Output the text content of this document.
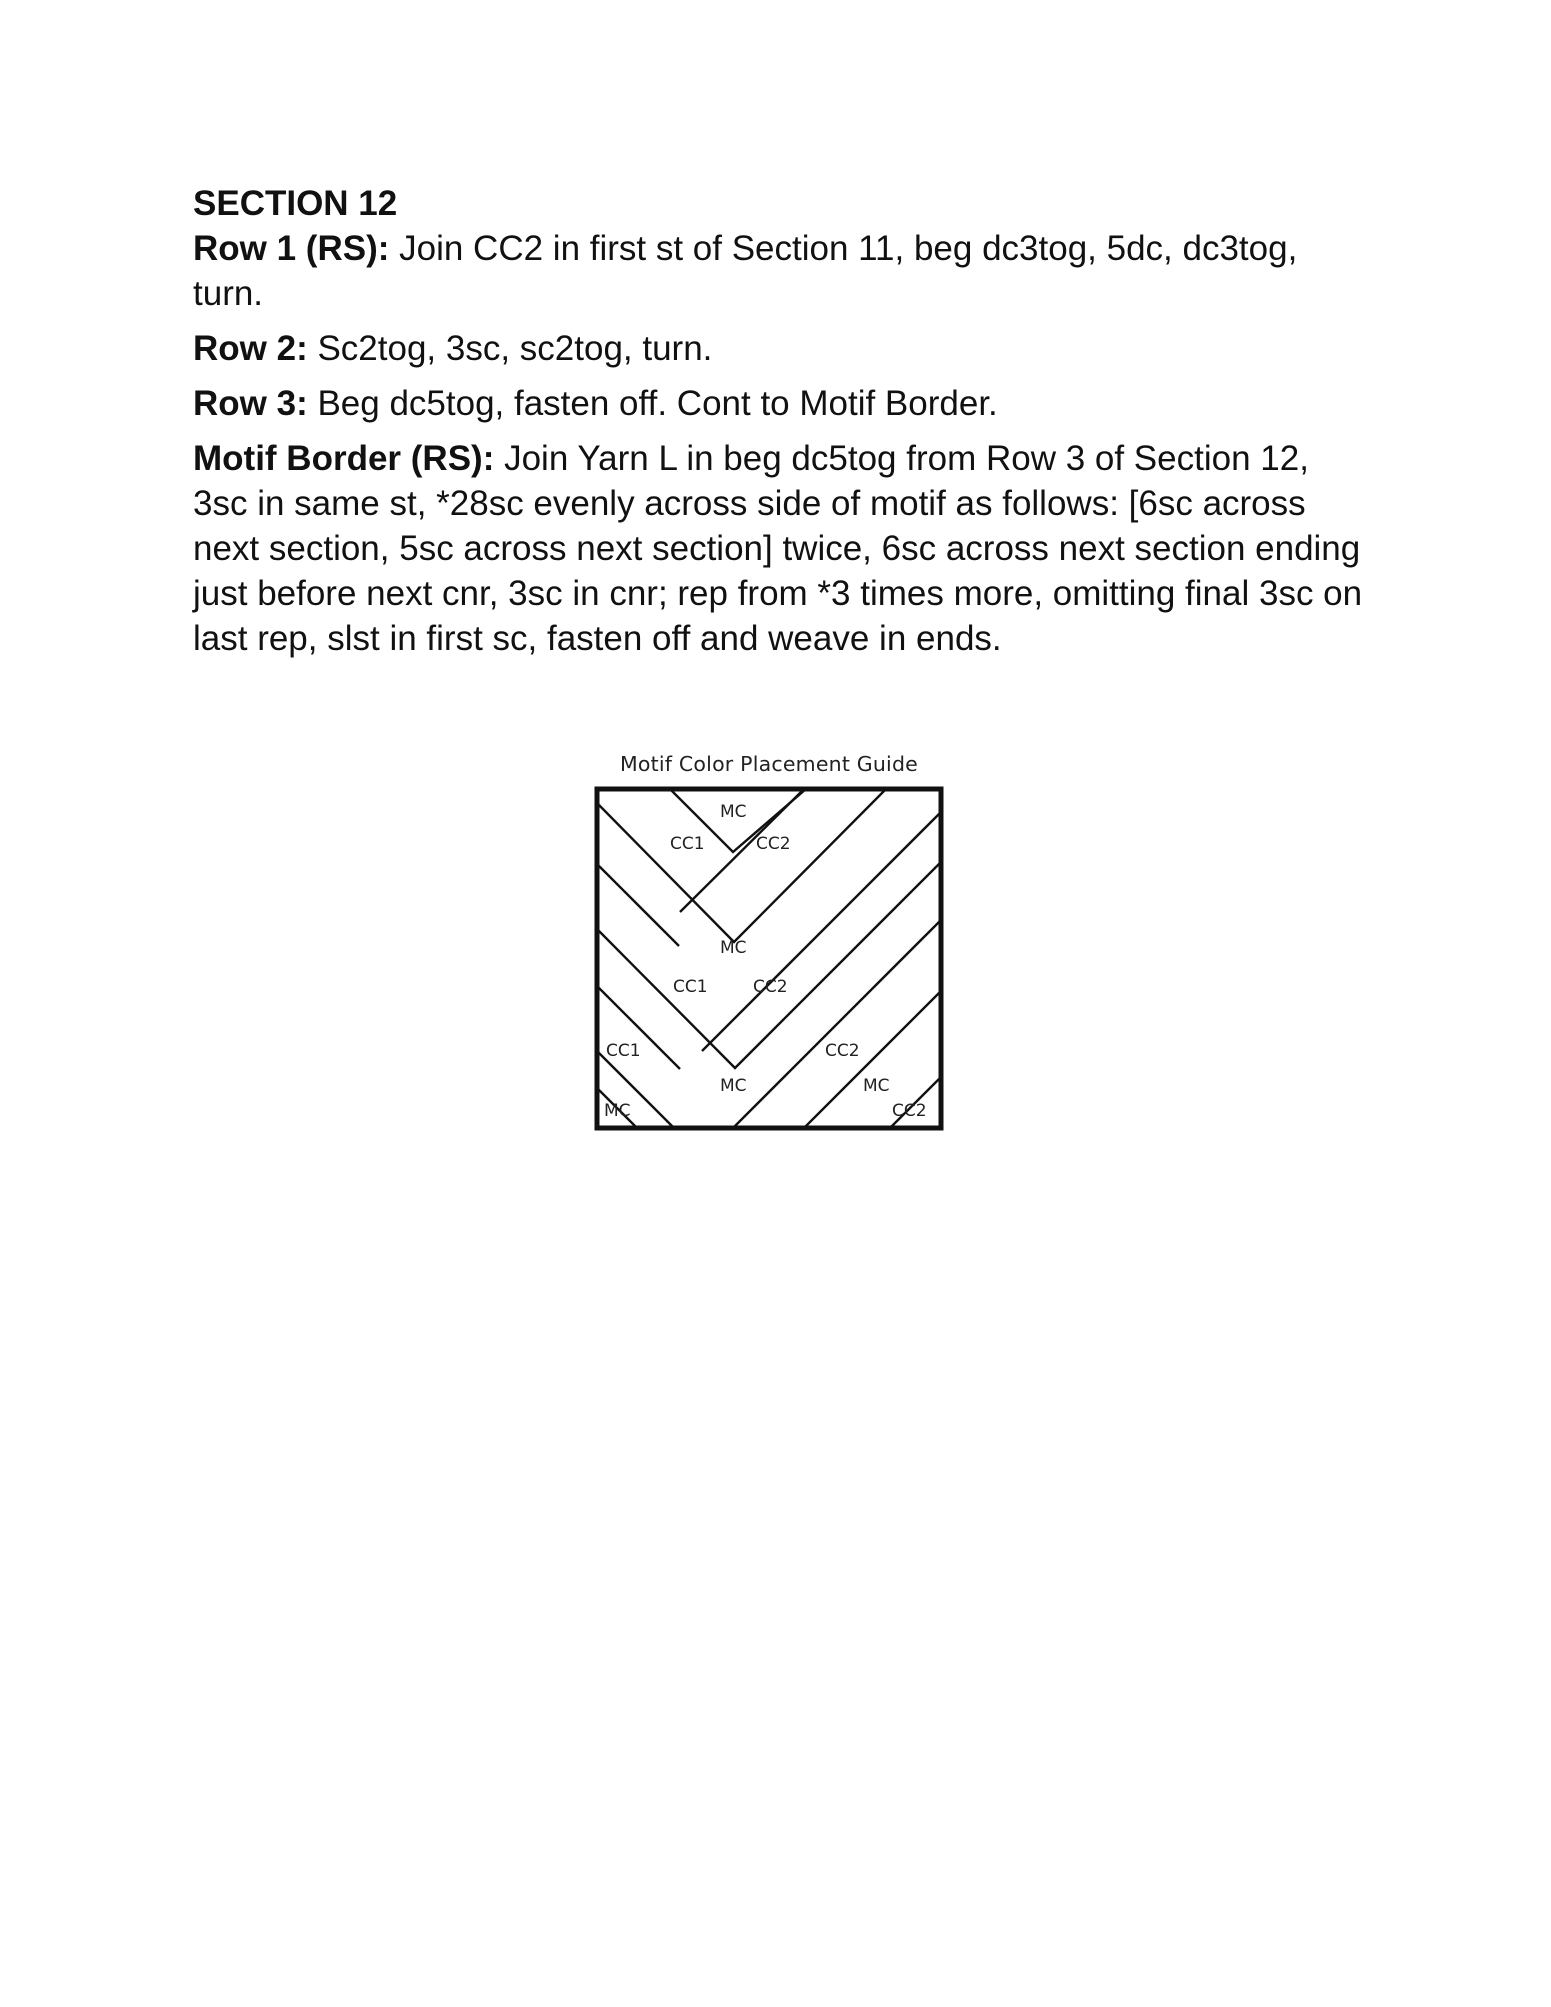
SECTION 12

Row 1 (RS): Join CC2 in first st of Section 11, beg dc3tog, 5dc, dc3tog, turn.

Row 2: Sc2tog, 3sc, sc2tog, turn.

Row 3: Beg dc5tog, fasten off. Cont to Motif Border.

Motif Border (RS): Join Yarn L in beg dc5tog from Row 3 of Section 12, 3sc in same st, *28sc evenly across side of motif as follows: [6sc across next section, 5sc across next section] twice, 6sc across next section ending just before next cnr, 3sc in cnr; rep from *3 times more, omitting final 3sc on last rep, slst in first sc, fasten off and weave in ends.

Motif Color Placement Guide
MC
CC1	CC2
MC
CC1	CC2
CC1
MC
MC
CC2
MC
CC2
